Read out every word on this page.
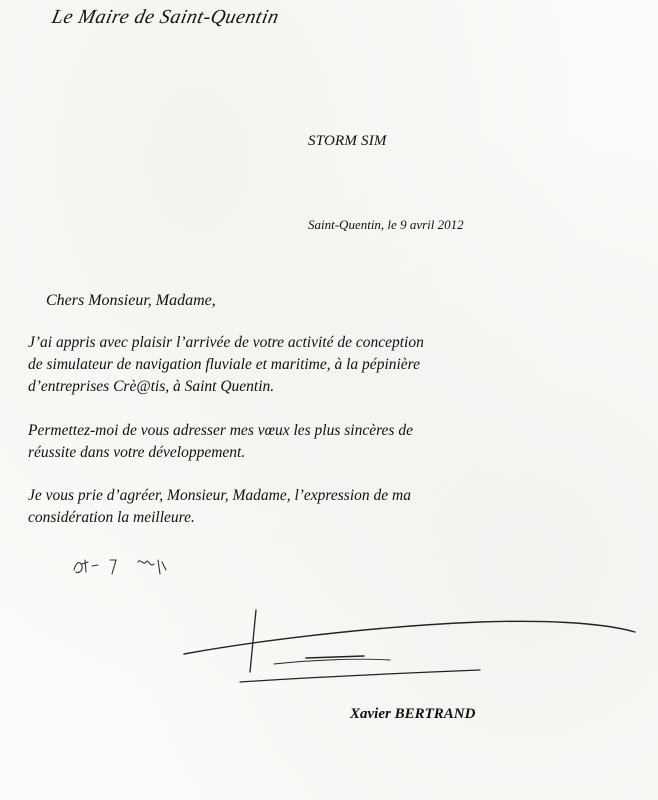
Le Maire de Saint-Quentin
STORM SIM
Saint-Quentin, le 9 avril 2012
Chers Monsieur, Madame,
J’ai appris avec plaisir l’arrivée de votre activité de conception
de simulateur de navigation fluviale et maritime, à la pépinière
d’entreprises Crè@tis, à Saint Quentin.
Permettez-moi de vous adresser mes vœux les plus sincères de
réussite dans votre développement.
Je vous prie d’agréer, Monsieur, Madame, l’expression de ma
considération la meilleure.
Xavier BERTRAND
